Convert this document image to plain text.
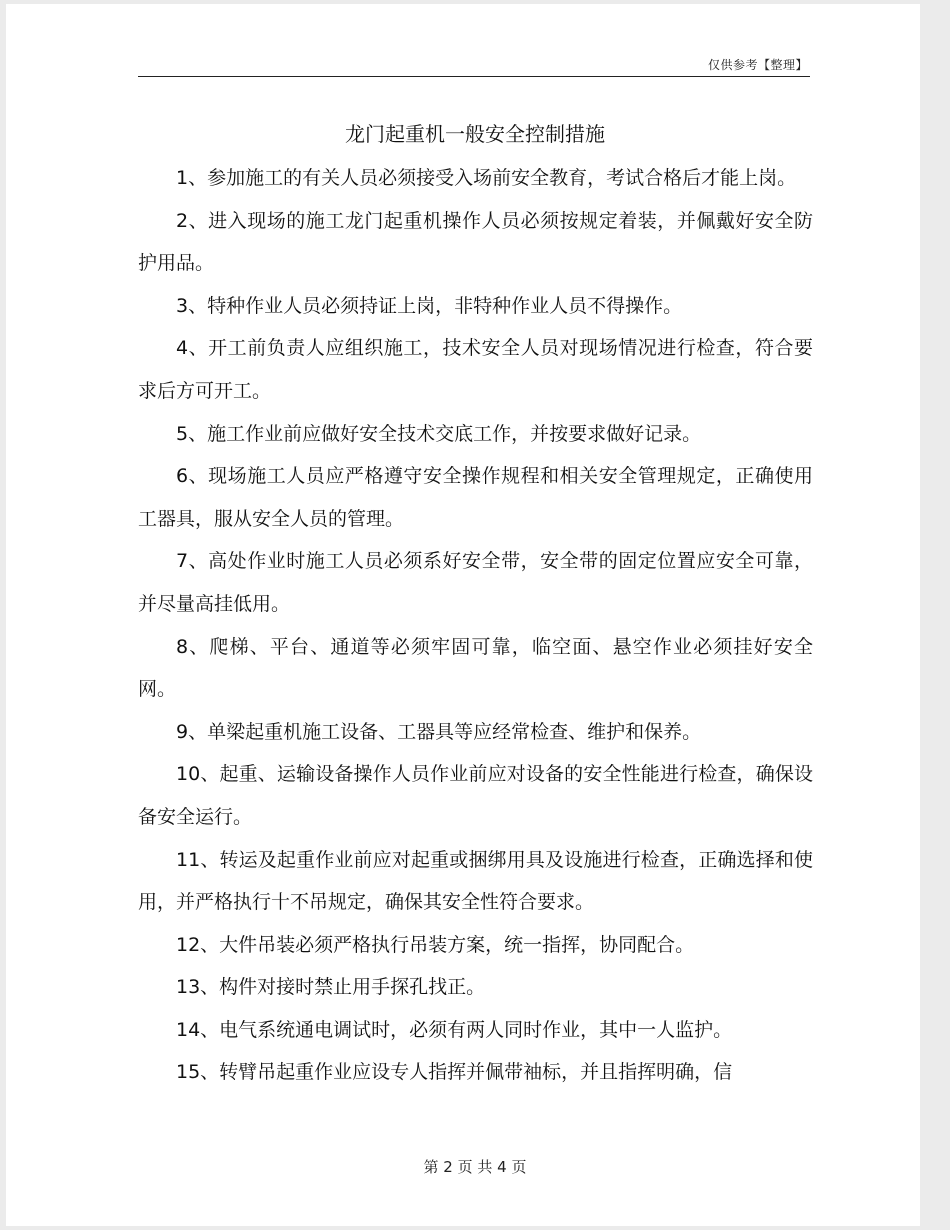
仅供参考【整理】
龙门起重机一般安全控制措施

1、参加施工的有关人员必须接受入场前安全教育，考试合格后才能上岗。

2、进入现场的施工龙门起重机操作人员必须按规定着装，并佩戴好安全防护用品。

3、特种作业人员必须持证上岗，非特种作业人员不得操作。

4、开工前负责人应组织施工，技术安全人员对现场情况进行检查，符合要求后方可开工。

5、施工作业前应做好安全技术交底工作，并按要求做好记录。

6、现场施工人员应严格遵守安全操作规程和相关安全管理规定，正确使用工器具，服从安全人员的管理。

7、高处作业时施工人员必须系好安全带，安全带的固定位置应安全可靠，并尽量高挂低用。

8、爬梯、平台、通道等必须牢固可靠，临空面、悬空作业必须挂好安全网。

9、单梁起重机施工设备、工器具等应经常检查、维护和保养。

10、起重、运输设备操作人员作业前应对设备的安全性能进行检查，确保设备安全运行。

11、转运及起重作业前应对起重或捆绑用具及设施进行检查，正确选择和使用，并严格执行十不吊规定，确保其安全性符合要求。

12、大件吊装必须严格执行吊装方案，统一指挥，协同配合。

13、构件对接时禁止用手探孔找正。

14、电气系统通电调试时，必须有两人同时作业，其中一人监护。

15、转臂吊起重作业应设专人指挥并佩带袖标，并且指挥明确，信

第 2 页 共 4 页
